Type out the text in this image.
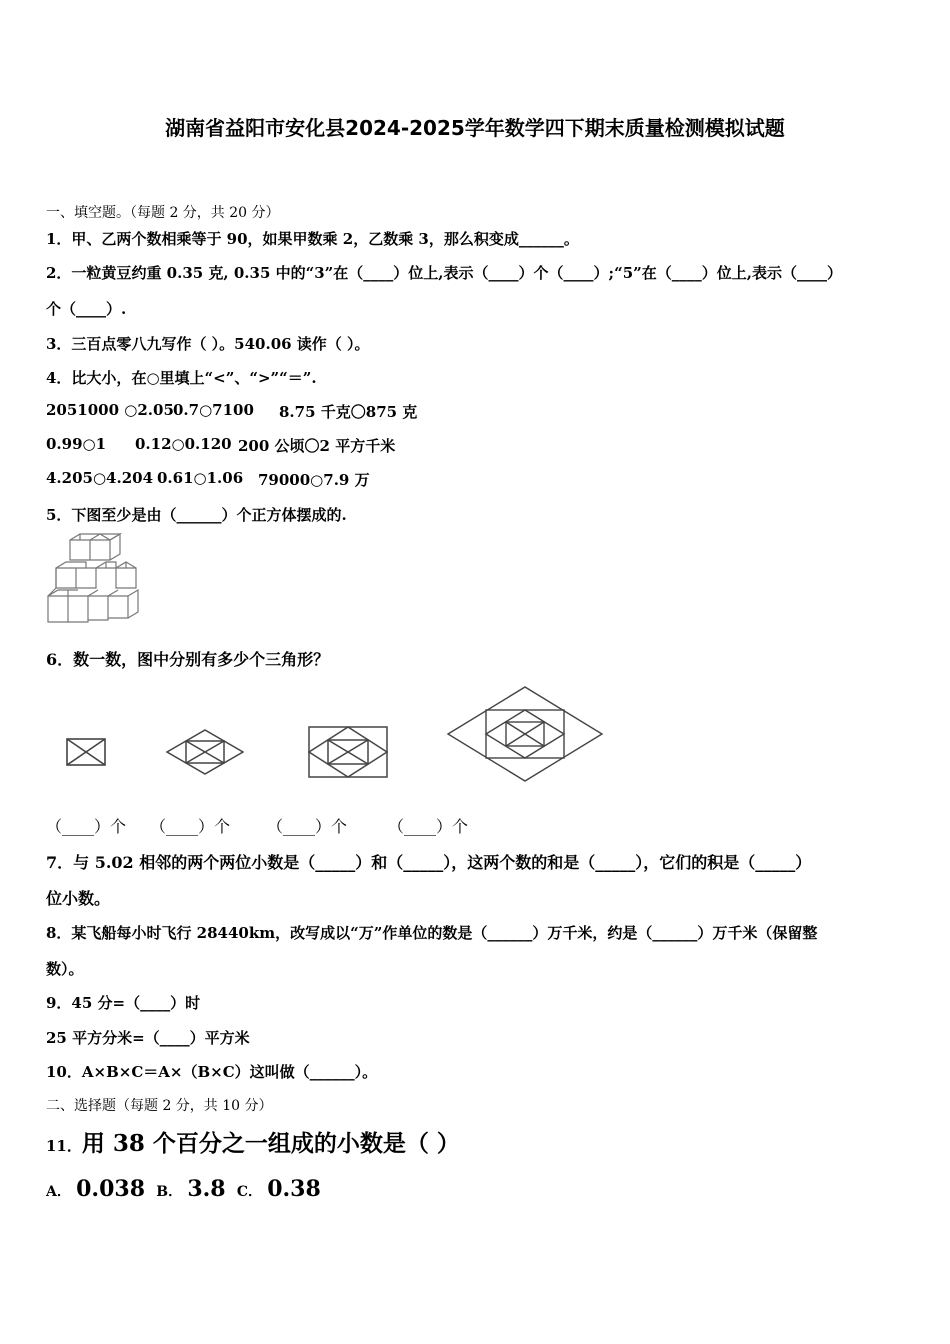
湖南省益阳市安化县2024-2025学年数学四下期末质量检测模拟试题
一、填空题。（每题 2 分，共 20 分）
1．甲、乙两个数相乘等于 90，如果甲数乘 2，乙数乘 3，那么积变成______。
2．一粒黄豆约重 0.35 克, 0.35 中的“3”在（____）位上,表示（____）个（____）;“5”在（____）位上,表示（____）
个（____）.
3．三百点零八九写作（ ）。540.06 读作（ ）。
4．比大小，在○里填上“<”、“>”“＝”.
2051000 ○2.05 0.7○7100 8.75 千克〇875 克
0.99○1 0.12○0.120 200 公顷〇2 平方千米
4.205○4.204 0.61○1.06 79000○7.9 万
5．下图至少是由（______）个正方体摆成的.
6．数一数，图中分别有多少个三角形？
（____）个 （____）个 （____）个	（____）个
7．与 5.02 相邻的两个两位小数是（_____）和（_____），这两个数的和是（_____），它们的积是（_____）
位小数。
8．某飞船每小时飞行 28440km，改写成以“万”作单位的数是（______）万千米，约是（______）万千米（保留整
数）。
9．45 分=（____）时
25 平方分米=（____）平方米
10．A×B×C＝A×（B×C）这叫做（______）。
二、选择题（每题 2 分，共 10 分）
11．用 38 个百分之一组成的小数是（ ）
A． 0.038 B． 3.8 C． 0.38
